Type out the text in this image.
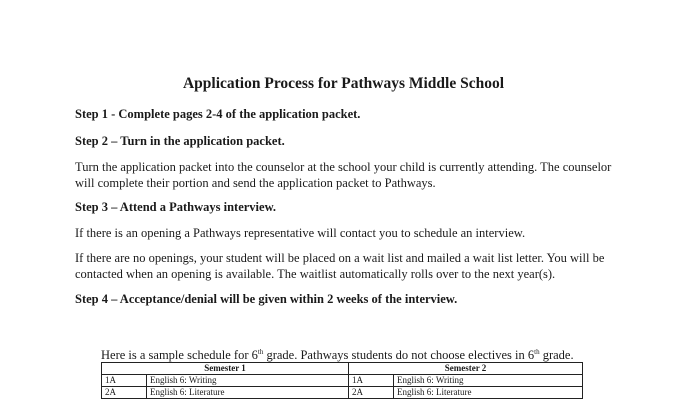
Application Process for Pathways Middle School
Step 1 - Complete pages 2-4 of the application packet.
Step 2 – Turn in the application packet.
Turn the application packet into the counselor at the school your child is currently attending. The counselor will complete their portion and send the application packet to Pathways.
Step 3 – Attend a Pathways interview.
If there is an opening a Pathways representative will contact you to schedule an interview.
If there are no openings, your student will be placed on a wait list and mailed a wait list letter. You will be contacted when an opening is available. The waitlist automatically rolls over to the next year(s).
Step 4 – Acceptance/denial will be given within 2 weeks of the interview.
Here is a sample schedule for 6th grade. Pathways students do not choose electives in 6th grade.
Semester 1		Semester 2	
1A	English 6: Writing	1A	English 6: Writing
2A	English 6: Literature	2A	English 6: Literature
